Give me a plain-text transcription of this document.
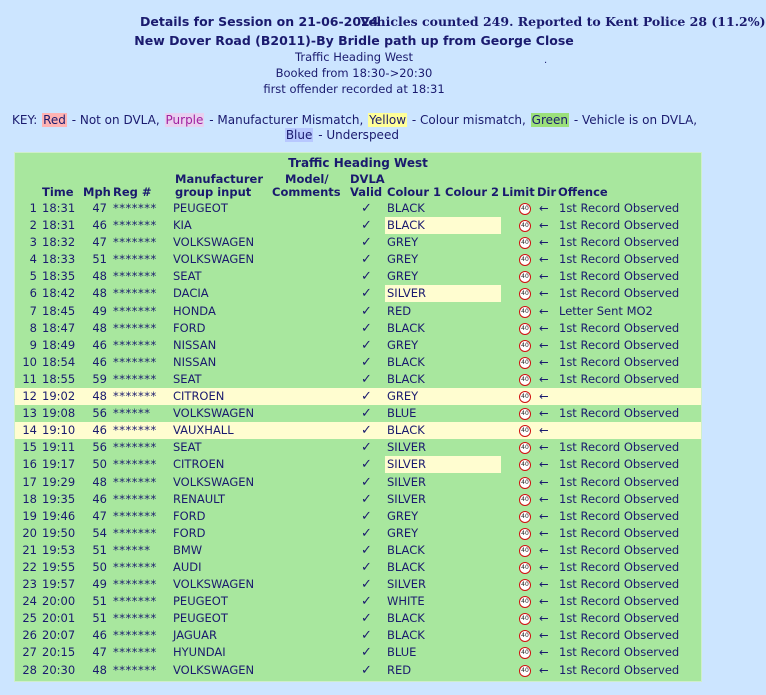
Details for Session on 21-06-2024
Vehicles counted 249. Reported to Kent Police 28 (11.2%)
New Dover Road (B2011)-By Bridle path up from George Close
Traffic Heading West
Booked from 18:30->20:30
first offender recorded at 18:31
·
KEY: Red - Not on DVLA, Purple - Manufacturer Mismatch, Yellow - Colour mismatch, Green - Vehicle is on DVLA,  Blue - Underspeed
Traffic Heading West
Time Mph Reg #
Manufacturer
group input
Model/
Comments
DVLA
Valid Colour 1 Colour 2 Limit Dir Offence
1 18:31 47 ******* PEUGEOT	✓ BLACK	40 ← 1st Record Observed
2 18:31 46 ******* KIA	✓ BLACK	40 ← 1st Record Observed
3 18:32 47 ******* VOLKSWAGEN	✓ GREY	40 ← 1st Record Observed
4 18:33 51 ******* VOLKSWAGEN	✓ GREY	40 ← 1st Record Observed
5 18:35 48 ******* SEAT	✓ GREY	40 ← 1st Record Observed
6 18:42 48 ******* DACIA	✓ SILVER	40 ← 1st Record Observed
7 18:45 49 ******* HONDA	✓ RED	40 ← Letter Sent MO2
8 18:47 48 ******* FORD	✓ BLACK	40 ← 1st Record Observed
9 18:49 46 ******* NISSAN	✓ GREY	40 ← 1st Record Observed
10 18:54 46 ******* NISSAN	✓ BLACK	40 ← 1st Record Observed
11 18:55 59 ******* SEAT	✓ BLACK	40 ← 1st Record Observed
12 19:02 48 ******* CITROEN	✓ GREY	40 ←
13 19:08 56 ****** VOLKSWAGEN	✓ BLUE	40 ← 1st Record Observed
14 19:10 46 ******* VAUXHALL	✓ BLACK	40 ←
15 19:11 56 ******* SEAT	✓ SILVER	40 ← 1st Record Observed
16 19:17 50 ******* CITROEN	✓ SILVER	40 ← 1st Record Observed
17 19:29 48 ******* VOLKSWAGEN	✓ SILVER	40 ← 1st Record Observed
18 19:35 46 ******* RENAULT	✓ SILVER	40 ← 1st Record Observed
19 19:46 47 ******* FORD	✓ GREY	40 ← 1st Record Observed
20 19:50 54 ******* FORD	✓ GREY	40 ← 1st Record Observed
21 19:53 51 ****** BMW	✓ BLACK	40 ← 1st Record Observed
22 19:55 50 ******* AUDI	✓ BLACK	40 ← 1st Record Observed
23 19:57 49 ******* VOLKSWAGEN	✓ SILVER	40 ← 1st Record Observed
24 20:00 51 ******* PEUGEOT	✓ WHITE	40 ← 1st Record Observed
25 20:01 51 ******* PEUGEOT	✓ BLACK	40 ← 1st Record Observed
26 20:07 46 ******* JAGUAR	✓ BLACK	40 ← 1st Record Observed
27 20:15 47 ******* HYUNDAI	✓ BLUE	40 ← 1st Record Observed
28 20:30 48 ******* VOLKSWAGEN	✓ RED	40 ← 1st Record Observed
